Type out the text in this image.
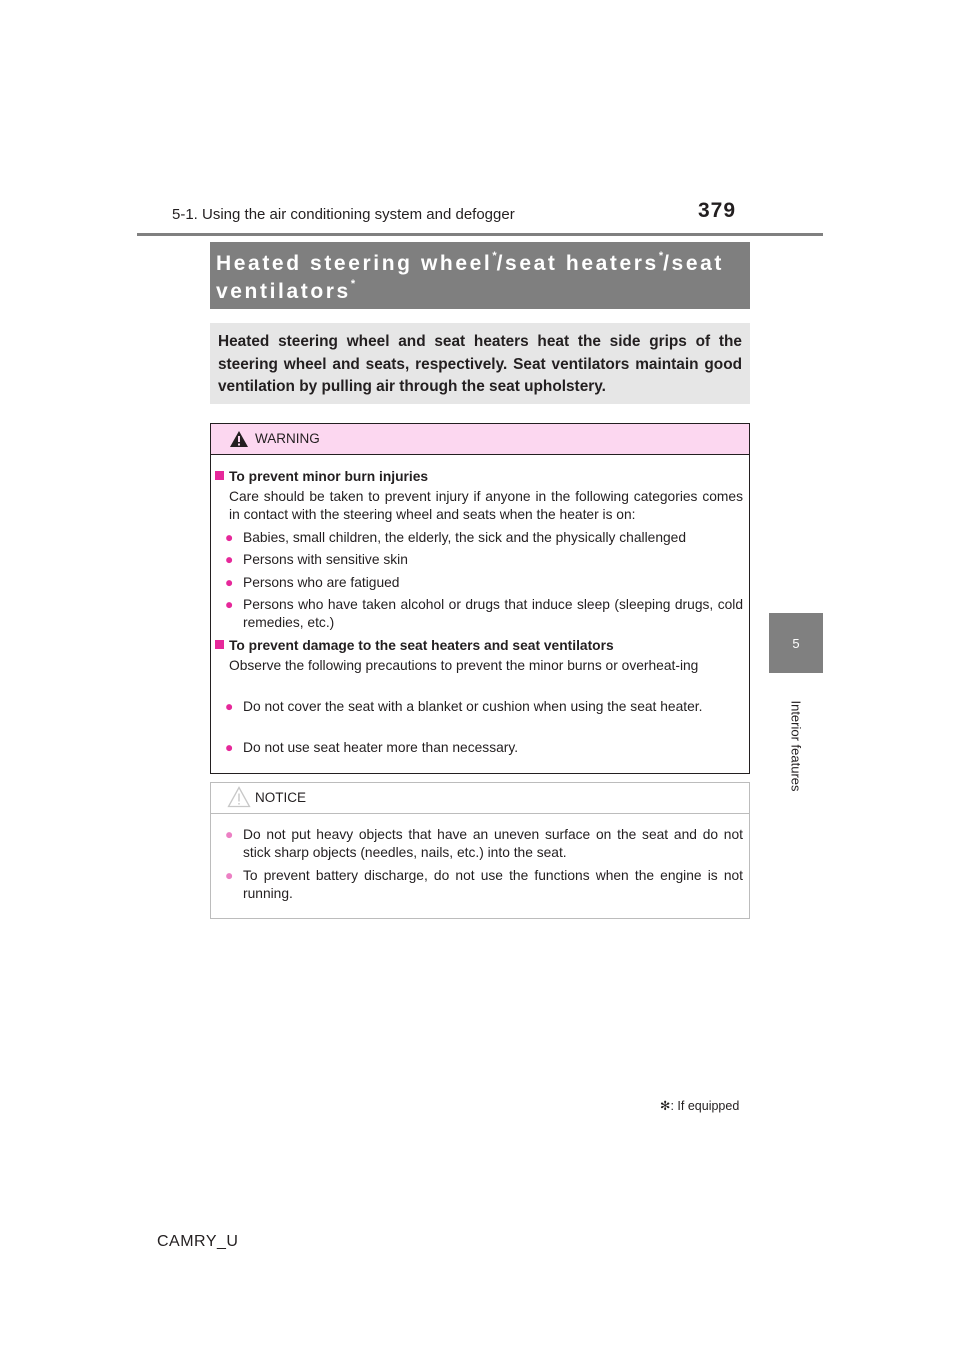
5-1. Using the air conditioning system and defogger	379
5
Interior features
Heated steering wheel*/seat heaters*/seat
ventilators*

Heated steering wheel and seat heaters heat the side grips of the steering wheel and seats, respectively. Seat ventilators maintain good ventilation by pulling air through the seat upholstery.

WARNING
To prevent minor burn injuries
Care should be taken to prevent injury if anyone in the following categories comes in contact with the steering wheel and seats when the heater is on:
● Babies, small children, the elderly, the sick and the physically challenged
● Persons with sensitive skin
● Persons who are fatigued
● Persons who have taken alcohol or drugs that induce sleep (sleeping drugs, cold remedies, etc.)
To prevent damage to the seat heaters and seat ventilators
Observe the following precautions to prevent the minor burns or overheat-ing
● Do not cover the seat with a blanket or cushion when using the seat heater.
● Do not use seat heater more than necessary.
NOTICE
● Do not put heavy objects that have an uneven surface on the seat and do not stick sharp objects (needles, nails, etc.) into the seat.
● To prevent battery discharge, do not use the functions when the engine is not running.
✻: If equipped
CAMRY_U
